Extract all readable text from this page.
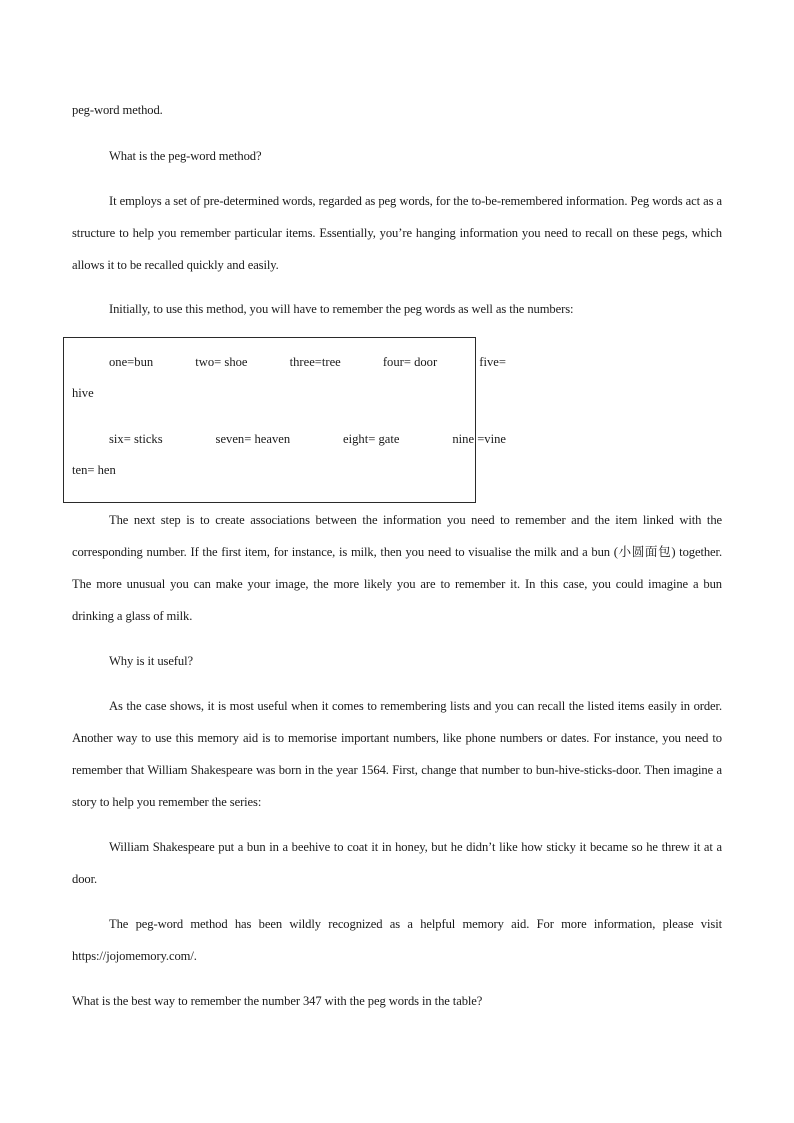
peg-word method.

What is the peg-word method?

It employs a set of pre-determined words, regarded as peg words, for the to-be-remembered information. Peg words act as a structure to help you remember particular items. Essentially, you’re hanging information you need to recall on these pegs, which allows it to be recalled quickly and easily.

Initially, to use this method, you will have to remember the peg words as well as the numbers:

one=bun	two= shoe	three=tree	four= door	five=
hive
six= sticks	seven= heaven	eight= gate	nine =vine
ten= hen

The next step is to create associations between the information you need to remember and the item linked with the corresponding number. If the first item, for instance, is milk, then you need to visualise the milk and a bun (小圆面包) together. The more unusual you can make your image, the more likely you are to remember it. In this case, you could imagine a bun drinking a glass of milk.

Why is it useful?

As the case shows, it is most useful when it comes to remembering lists and you can recall the listed items easily in order. Another way to use this memory aid is to memorise important numbers, like phone numbers or dates. For instance, you need to remember that William Shakespeare was born in the year 1564. First, change that number to bun-hive-sticks-door. Then imagine a story to help you remember the series:

William Shakespeare put a bun in a beehive to coat it in honey, but he didn’t like how sticky it became so he threw it at a door.

The peg-word method has been wildly recognized as a helpful memory aid. For more information, please visit https://jojomemory.com/.

What is the best way to remember the number 347 with the peg words in the table?
